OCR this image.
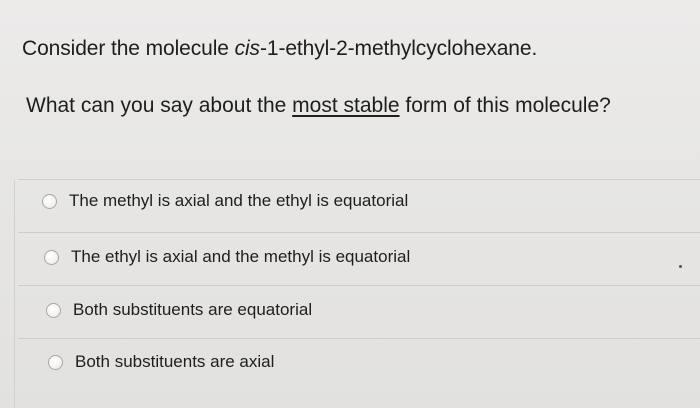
Consider the molecule cis-1-ethyl-2-methylcyclohexane.
What can you say about the most stable form of this molecule?
The methyl is axial and the ethyl is equatorial
The ethyl is axial and the methyl is equatorial
Both substituents are equatorial
Both substituents are axial
